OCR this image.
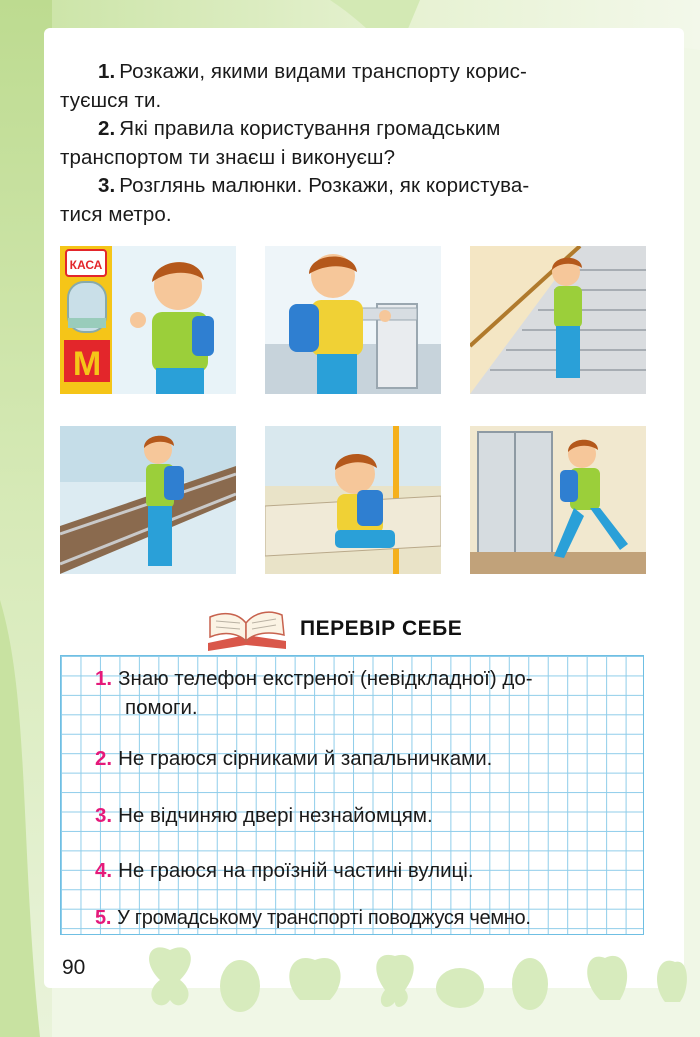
1. Розкажи, якими видами транспорту корис-

туєшся ти.

2. Які правила користування громадським

транспортом ти знаєш і виконуєш?

3. Розглянь малюнки. Розкажи, як користува-

тися метро.

КАСА
М
ПЕРЕВІР СЕБЕ
1. Знаю телефон екстреної (невідкладної) до-
помоги.
2. Не граюся сірниками й запальничками.
3. Не відчиняю двері незнайомцям.
4. Не граюся на проїзній частині вулиці.
5. У громадському транспорті поводжуся чемно.
90
